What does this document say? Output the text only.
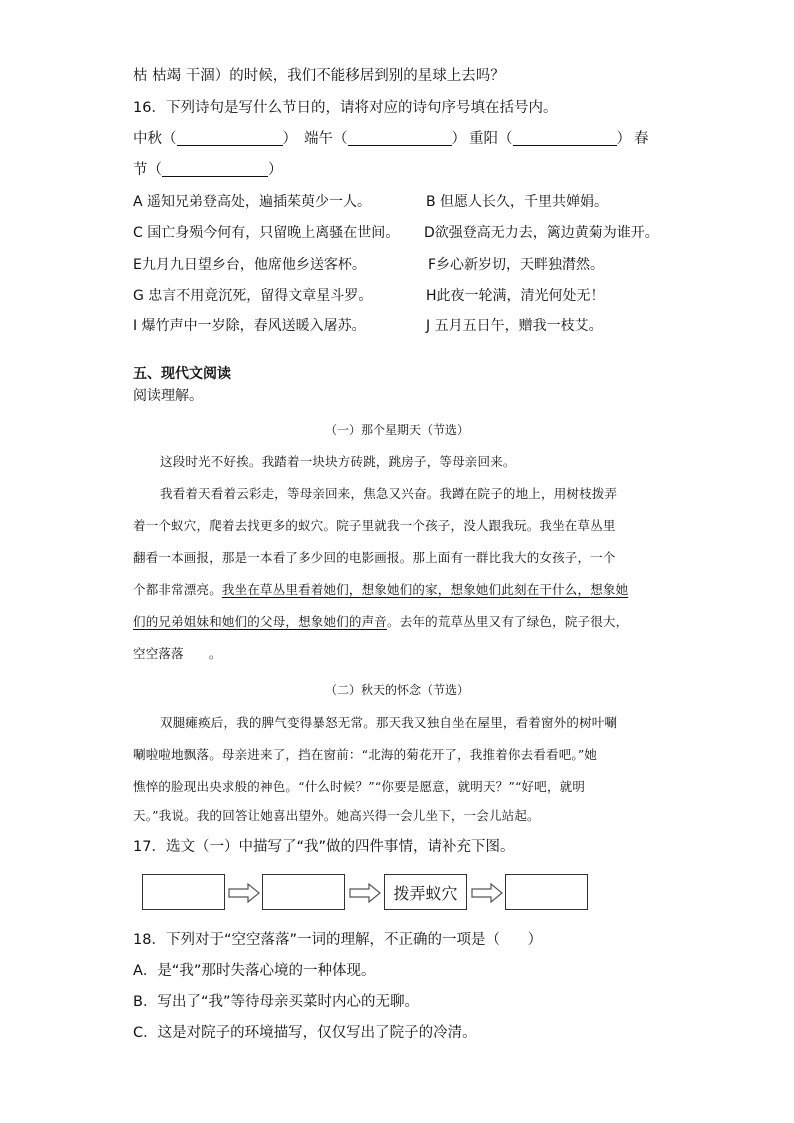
枯 枯竭 干涸）的时候，我们不能移居到别的星球上去吗？
16．下列诗句是写什么节日的，请将对应的诗句序号填在括号内。
中秋（	） 端午（	） 重阳（	） 春
节（	）
A 遥知兄弟登高处，遍插茱萸少一人。	B 但愿人长久，千里共婵娟。
C 国亡身殒今何有，只留晚上离骚在世间。 D欲强登高无力去，篱边黄菊为谁开。
E九月九日望乡台，他席他乡送客杯。	F乡心新岁切，天畔独潸然。
G 忠言不用竟沉死，留得文章星斗罗。	H此夜一轮满，清光何处无！
I 爆竹声中一岁除，春风送暖入屠苏。	J 五月五日午，赠我一枝艾。
五、现代文阅读
阅读理解。
（一）那个星期天（节选）
这段时光不好挨。我踏着一块块方砖跳，跳房子，等母亲回来。
我看着天看着云彩走，等母亲回来，焦急又兴奋。我蹲在院子的地上，用树枝拨弄
着一个蚁穴，爬着去找更多的蚁穴。院子里就我一个孩子，没人跟我玩。我坐在草丛里
翻看一本画报，那是一本看了多少回的电影画报。那上面有一群比我大的女孩子，一个
个都非常漂亮。我坐在草丛里看着她们，想象她们的家，想象她们此刻在干什么，想象她
们的兄弟姐妹和她们的父母，想象她们的声音。去年的荒草丛里又有了绿色，院子很大，
空空落落      。
（二）秋天的怀念（节选）
双腿瘫痪后，我的脾气变得暴怒无常。那天我又独自坐在屋里，看着窗外的树叶唰
唰啦啦地飘落。母亲进来了，挡在窗前：“北海的菊花开了，我推着你去看看吧。”她
憔悴的脸现出央求般的神色。“什么时候？”“你要是愿意，就明天？”“好吧，就明
天。”我说。我的回答让她喜出望外。她高兴得一会儿坐下，一会儿站起。
17．选文（一）中描写了“我”做的四件事情，请补充下图。
拨弄蚁穴
18．下列对于“空空落落”一词的理解，不正确的一项是（      ）
A．是“我”那时失落心境的一种体现。
B．写出了“我”等待母亲买菜时内心的无聊。
C．这是对院子的环境描写，仅仅写出了院子的冷清。
